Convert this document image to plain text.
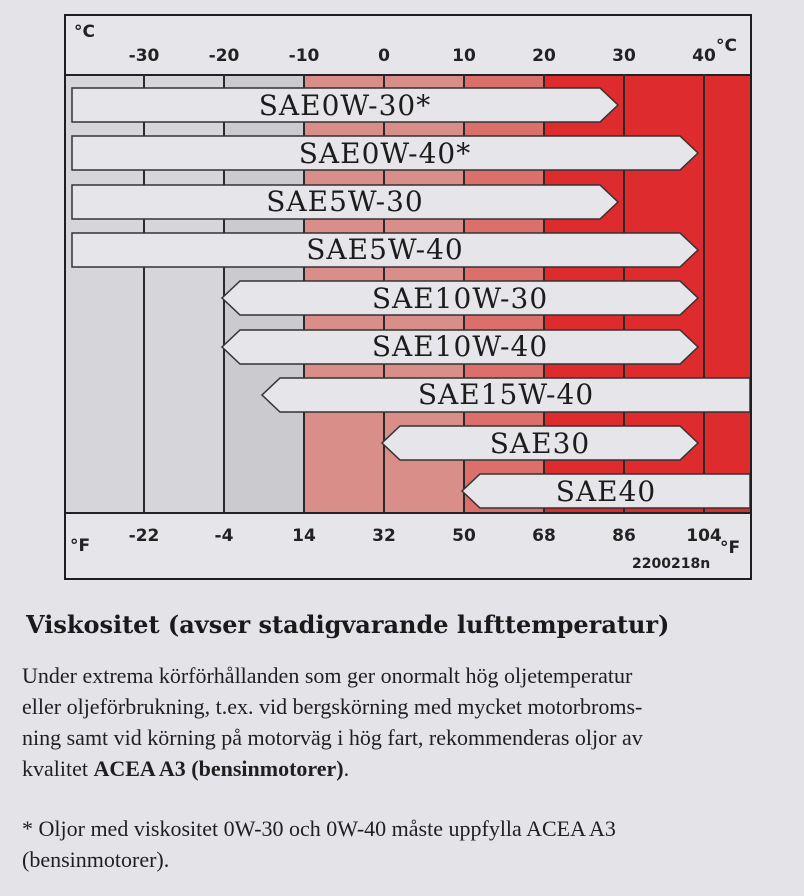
°C
°C
-30	-20	-10	0	10	20	30	40
SAE0W-30*
SAE0W-40*
SAE5W-30
SAE5W-40
SAE10W-30
SAE10W-40
SAE15W-40
SAE30
SAE40
-22	-4	14	32	50	68	86	104
°F	°F
2200218n
Viskositet (avser stadigvarande lufttemperatur)
Under extrema körförhållanden som ger onormalt hög oljetemperatur
eller oljeförbrukning, t.ex. vid bergskörning med mycket motorbroms-
ning samt vid körning på motorväg i hög fart, rekommenderas oljor av
kvalitet ACEA A3 (bensinmotorer).
* Oljor med viskositet 0W-30 och 0W-40 måste uppfylla ACEA A3
(bensinmotorer).
